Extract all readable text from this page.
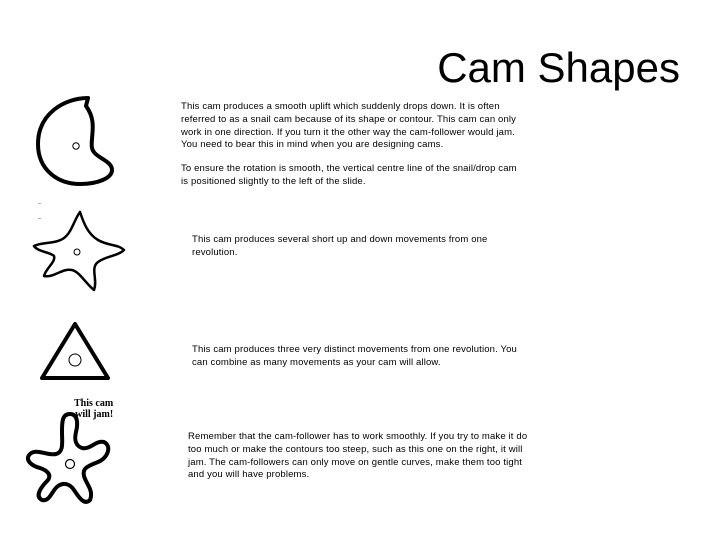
Cam Shapes
This cam produces a smooth uplift which suddenly drops down. It is often
referred to as a snail cam because of its shape or contour. This cam can only
work in one direction. If you turn it the other way the cam-follower would jam.
You need to bear this in mind when you are designing cams.
To ensure the rotation is smooth, the vertical centre line of the snail/drop cam
is positioned slightly to the left of the slide.
This cam produces several short up and down movements from one
revolution.
This cam produces three very distinct movements from one revolution. You
can combine as many movements as your cam will allow.
This cam
will jam!
Remember that the cam-follower has to work smoothly. If you try to make it do
too much or make the contours too steep, such as this one on the right, it will
jam. The cam-followers can only move on gentle curves, make them too tight
and you will have problems.
